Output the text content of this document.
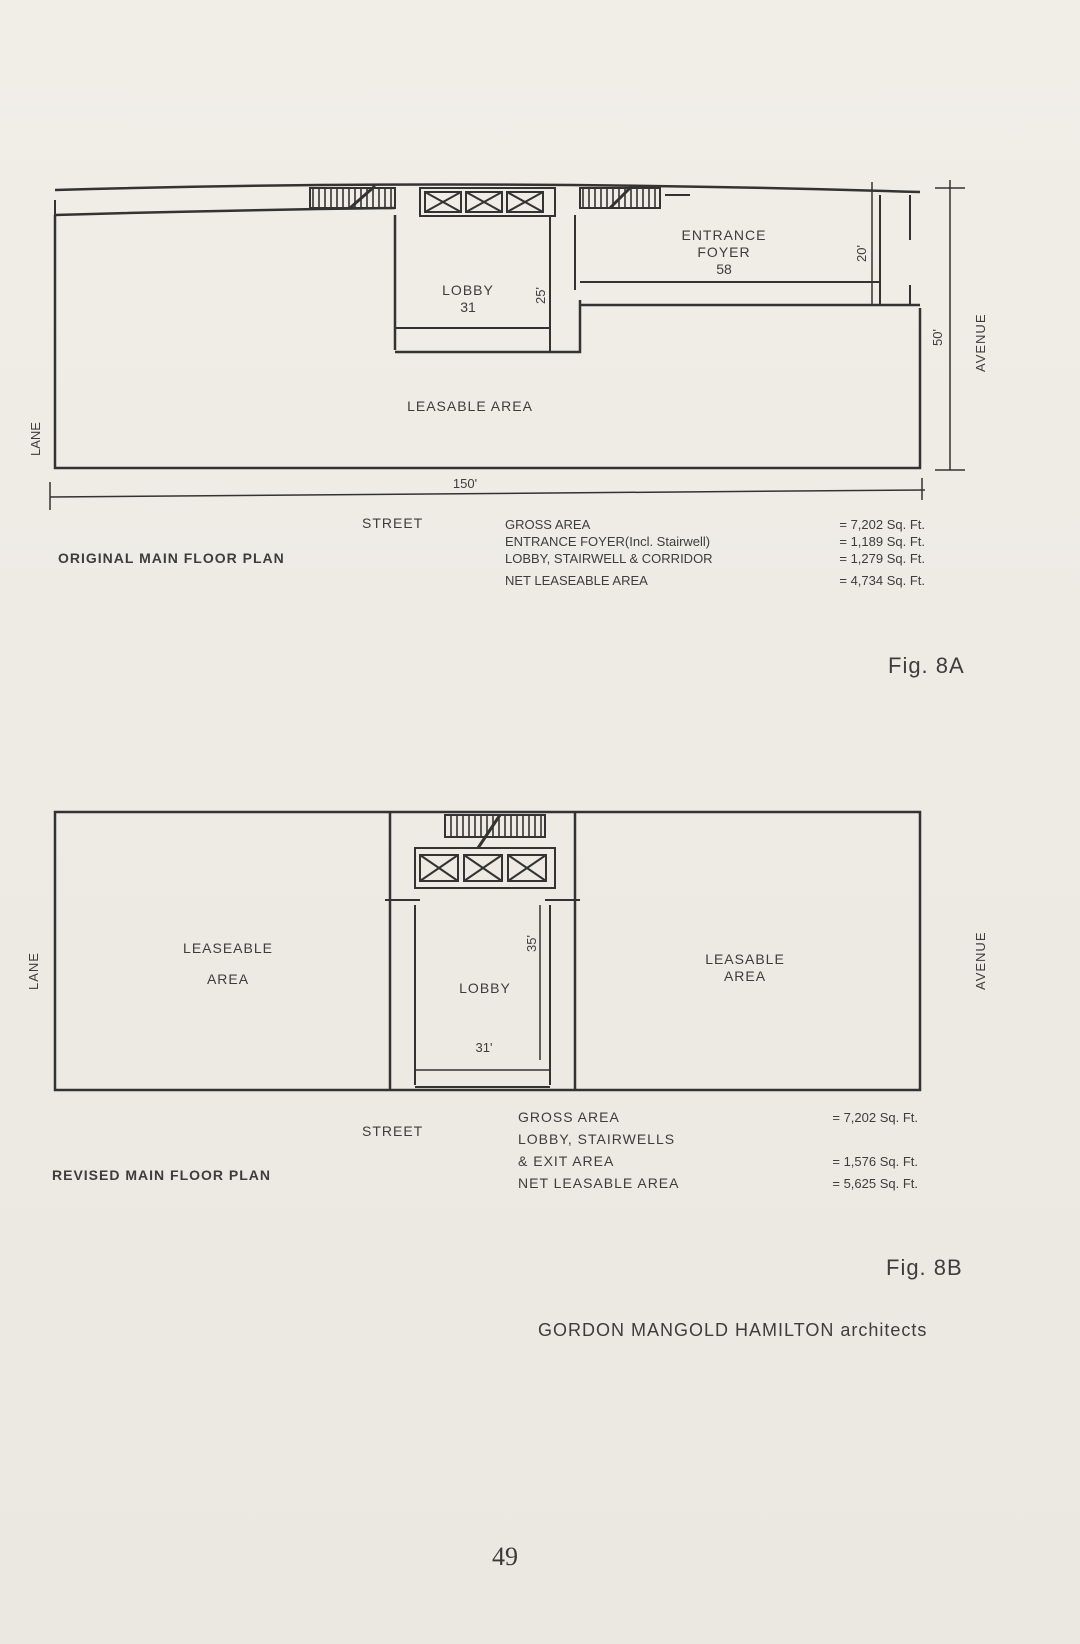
ENTRANCE
FOYER
58
LOBBY
31
LEASABLE AREA
LANE
AVENUE
25'
20'
50'
150'
STREET
ORIGINAL MAIN FLOOR PLAN
GROSS AREA	= 7,202 Sq. Ft.
ENTRANCE FOYER(Incl. Stairwell)	= 1,189 Sq. Ft.
LOBBY, STAIRWELL & CORRIDOR	= 1,279 Sq. Ft.
NET LEASEABLE AREA	= 4,734 Sq. Ft.
LEASEABLE
AREA
LEASABLE
AREA
LOBBY
35'
31'
LANE	AVENUE
STREET
REVISED MAIN FLOOR PLAN
GROSS AREA	= 7,202 Sq. Ft.
LOBBY, STAIRWELLS
& EXIT AREA	= 1,576 Sq. Ft.
NET LEASABLE AREA	= 5,625 Sq. Ft.
Fig. 8A
Fig. 8B
GORDON MANGOLD HAMILTON architects
49
